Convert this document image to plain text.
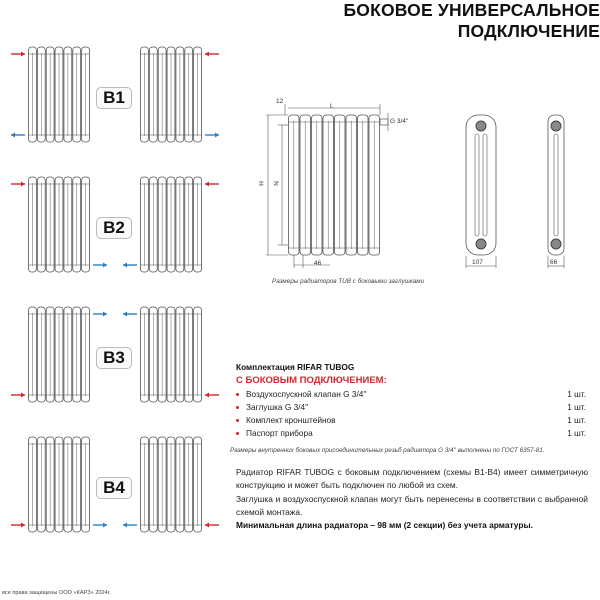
БОКОВОЕ УНИВЕРСАЛЬНОЕ
ПОДКЛЮЧЕНИЕ
B1
B2
B3
B4
12
L
G 3/4''
H N
46	107	66
Размеры радиаторов TUB с боковыми заглушками
Комплектация RIFAR TUBOG
С БОКОВЫМ ПОДКЛЮЧЕНИЕМ:
Воздухоспускной клапан G 3/4''	1 шт.
Заглушка G 3/4''	1 шт.
Комплект кронштейнов	1 шт.
Паспорт прибора	1 шт.
Размеры внутренних боковых присоединительных резьб радиатора G 3/4'' выполнены по ГОСТ 6357-81.
Радиатор RIFAR TUBOG с боковым подключением (схемы B1-B4) имеет симметричную конструкцию и может быть подключен по любой из схем.
Заглушка и воздухоспускной клапан могут быть перенесены в соответствии с выбранной схемой монтажа.
Минимальная длина радиатора – 98 мм (2 секции) без учета арматуры.
все права защищены ООО «КАРЗ» 2024г.
